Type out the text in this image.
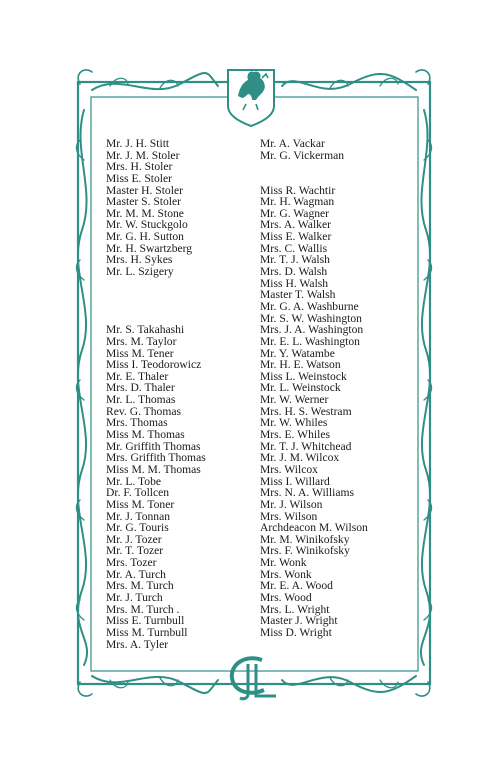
Mr. J. H. Stitt
Mr. J. M. Stoler
Mrs. H. Stoler
Miss E. Stoler
Master H. Stoler
Master S. Stoler
Mr. M. M. Stone
Mr. W. Stuckgolo
Mr. G. H. Sutton
Mr. H. Swartzberg
Mrs. H. Sykes
Mr. L. Szigery
Mr. S. Takahashi
Mrs. M. Taylor
Miss M. Tener
Miss I. Teodorowicz
Mr. E. Thaler
Mrs. D. Thaler
Mr. L. Thomas
Rev. G. Thomas
Mrs. Thomas
Miss M. Thomas
Mr. Griffith Thomas
Mrs. Griffith Thomas
Miss M. M. Thomas
Mr. L. Tobe
Dr. F. Tollcen
Miss M. Toner
Mr. J. Tonnan
Mr. G. Touris
Mr. J. Tozer
Mr. T. Tozer
Mrs. Tozer
Mr. A. Turch
Mrs. M. Turch
Mr. J. Turch
Mrs. M. Turch .
Miss E. Turnbull
Miss M. Turnbull
Mrs. A. Tyler
Mr. A. Vackar
Mr. G. Vickerman
Miss R. Wachtir
Mr. H. Wagman
Mr. G. Wagner
Mrs. A. Walker
Miss E. Walker
Mrs. C. Wallis
Mr. T. J. Walsh
Mrs. D. Walsh
Miss H. Walsh
Master T. Walsh
Mr. G. A. Washburne
Mr. S. W. Washington
Mrs. J. A. Washington
Mr. E. L. Washington
Mr. Y. Watambe
Mr. H. E. Watson
Miss L. Weinstock
Mr. L. Weinstock
Mr. W. Werner
Mrs. H. S. Westram
Mr. W. Whiles
Mrs. E. Whiles
Mr. T. J. Whitchead
Mr. J. M. Wilcox
Mrs. Wilcox
Miss I. Willard
Mrs. N. A. Williams
Mr. J. Wilson
Mrs. Wilson
Archdeacon M. Wilson
Mr. M. Winikofsky
Mrs. F. Winikofsky
Mr. Wonk
Mrs. Wonk
Mr. E. A. Wood
Mrs. Wood
Mrs. L. Wright
Master J. Wright
Miss D. Wright
